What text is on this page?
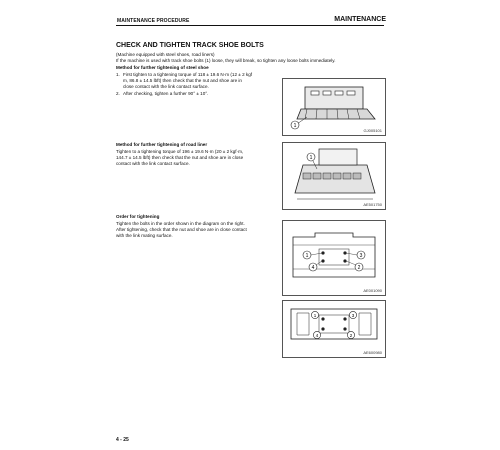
MAINTENANCE PROCEDURE	MAINTENANCE
CHECK AND TIGHTEN TRACK SHOE BOLTS
(Machine equipped with steel shoes, road liners)
If the machine is used with track shoe bolts (1) loose, they will break, so tighten any loose bolts immediately.
Method for further tightening of steel shoe
1. First tighten to a tightening torque of 118 ± 19.6 N·m (12 ± 2 kgf
m, 86.8 ± 14.5 lbft) then check that the nut and shoe are in
close contact with the link contact surface.
2. After checking, tighten a further 90° ± 10°.
1
GJ005101
Method for further tightening of road liner
Tighten to a tightening torque of 196 ± 19.6 N·m (20 ± 2 kgf·m,
144.7 ± 14.5 lbft) then check that the nut and shoe are in close
contact with the link contact surface.
1
AE501750
Order for tightening
Tighten the bolts in the order shown in the diagram on the right.
After tightening, check that the nut and shoe are in close contact
with the link mating surface.
1	3
4	2
AE001090
1	3
4	2
AE600980
4 - 25
